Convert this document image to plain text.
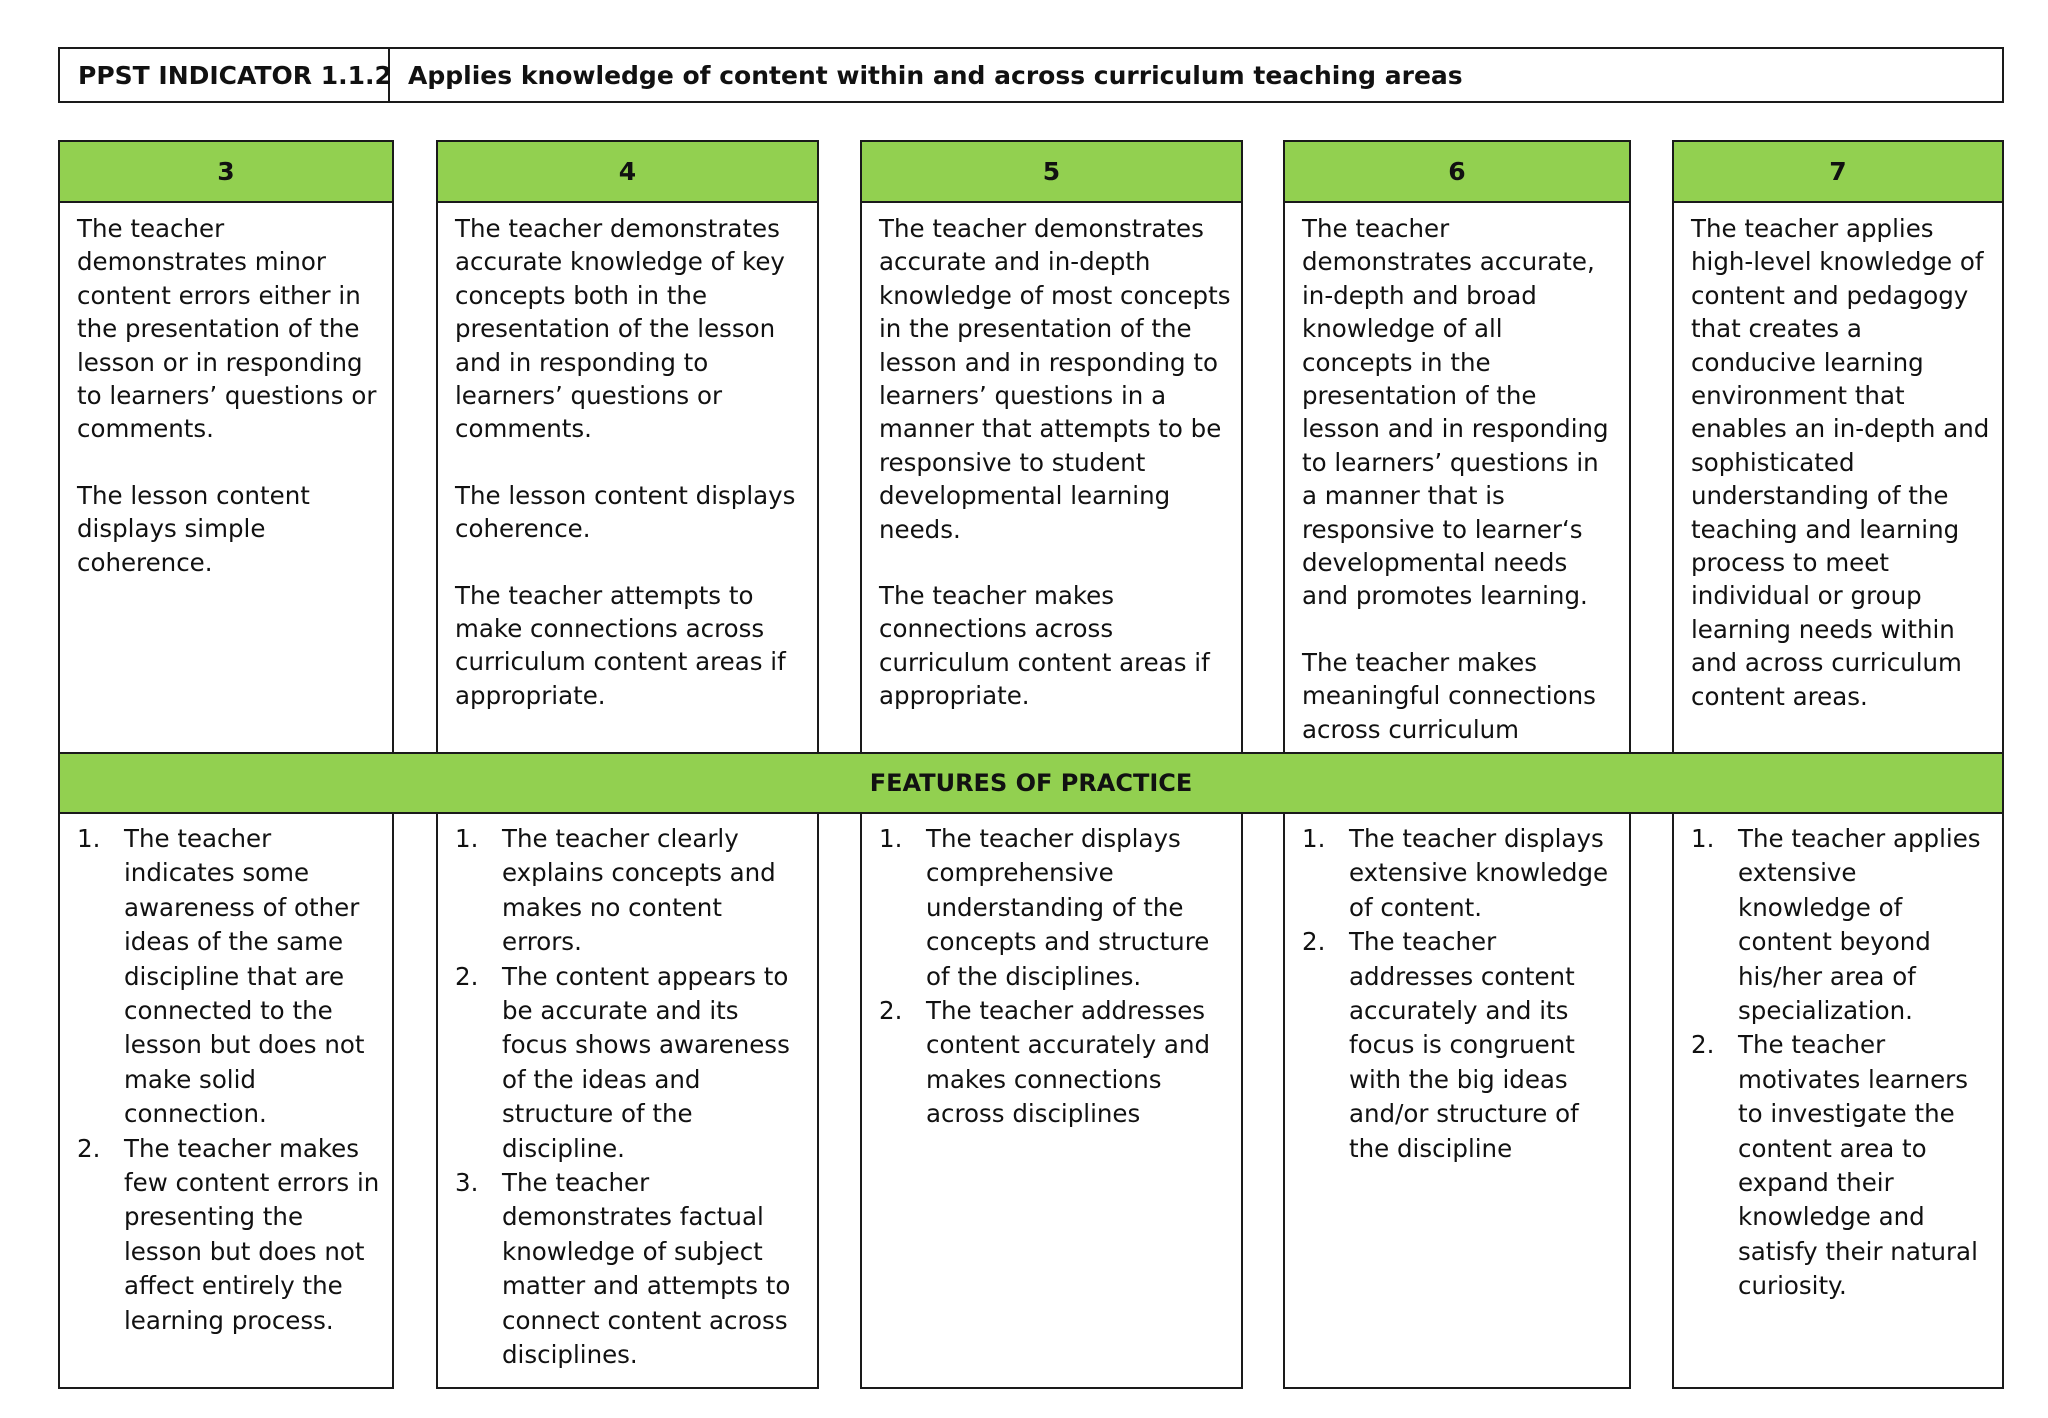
PPST INDICATOR 1.1.2 Applies knowledge of content within and across curriculum teaching areas
3

The teacher demonstrates minor content errors either in the presentation of the lesson or in responding to learners’ questions or comments.

The lesson content displays simple coherence.

1. The teacher indicates some awareness of other ideas of the same discipline that are connected to the lesson but does not make solid connection.
2. The teacher makes few content errors in presenting the lesson but does not affect entirely the learning process.
4

The teacher demonstrates accurate knowledge of key concepts both in the presentation of the lesson and in responding to learners’ questions or comments.

The lesson content displays coherence.

The teacher attempts to make connections across curriculum content areas if appropriate.

1. The teacher clearly explains concepts and makes no content errors.
2. The content appears to be accurate and its focus shows awareness of the ideas and structure of the discipline.
3. The teacher demonstrates factual knowledge of subject matter and attempts to connect content across disciplines.
5

The teacher demonstrates accurate and in-depth knowledge of most concepts in the presentation of the lesson and in responding to learners’ questions in a manner that attempts to be responsive to student developmental learning needs.

The teacher makes connections across curriculum content areas if appropriate.

1. The teacher displays comprehensive understanding of the concepts and structure of the disciplines.
2. The teacher addresses content accurately and makes connections across disciplines
6

The teacher demonstrates accurate, in-depth and broad knowledge of all concepts in the presentation of the lesson and in responding to learners’ questions in a manner that is responsive to learner‘s developmental needs and promotes learning.

The teacher makes meaningful connections across curriculum

1. The teacher displays extensive knowledge of content.
2. The teacher addresses content accurately and its focus is congruent with the big ideas and/or structure of the discipline
7

The teacher applies high-level knowledge of content and pedagogy that creates a conducive learning environment that enables an in-depth and sophisticated understanding of the teaching and learning process to meet individual or group learning needs within and across curriculum content areas.

1. The teacher applies extensive knowledge of content beyond his/her area of specialization.
2. The teacher motivates learners to investigate the content area to expand their knowledge and satisfy their natural curiosity.
FEATURES OF PRACTICE
